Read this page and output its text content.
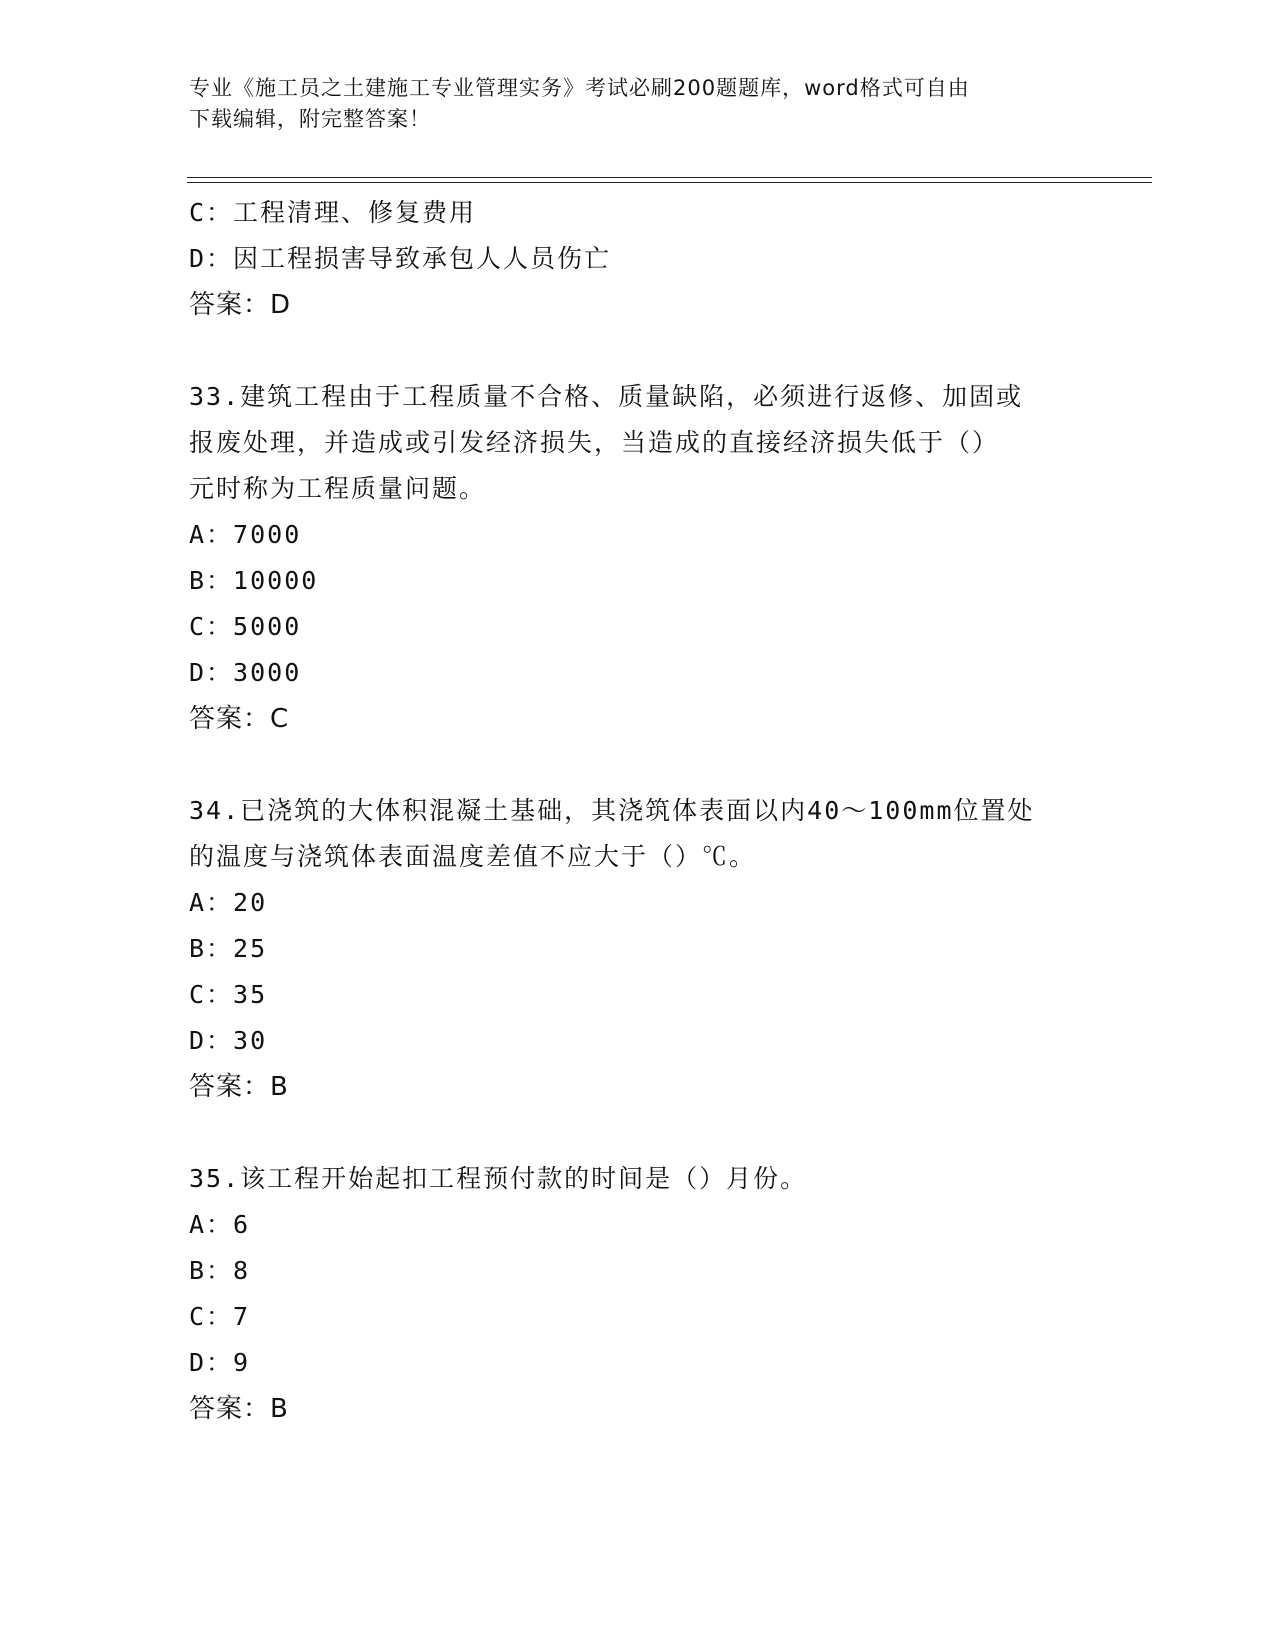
专业《施工员之土建施工专业管理实务》考试必刷200题题库，word格式可自由
下载编辑，附完整答案！
C：工程清理、修复费用
D：因工程损害导致承包人人员伤亡
答案：D
33.建筑工程由于工程质量不合格、质量缺陷，必须进行返修、加固或
报废处理，并造成或引发经济损失，当造成的直接经济损失低于（）
元时称为工程质量问题。
A：7000
B：10000
C：5000
D：3000
答案：C
34.已浇筑的大体积混凝土基础，其浇筑体表面以内40～100mm位置处
的温度与浇筑体表面温度差值不应大于（）℃。
A：20
B：25
C：35
D：30
答案：B
35.该工程开始起扣工程预付款的时间是（）月份。
A：6
B：8
C：7
D：9
答案：B
